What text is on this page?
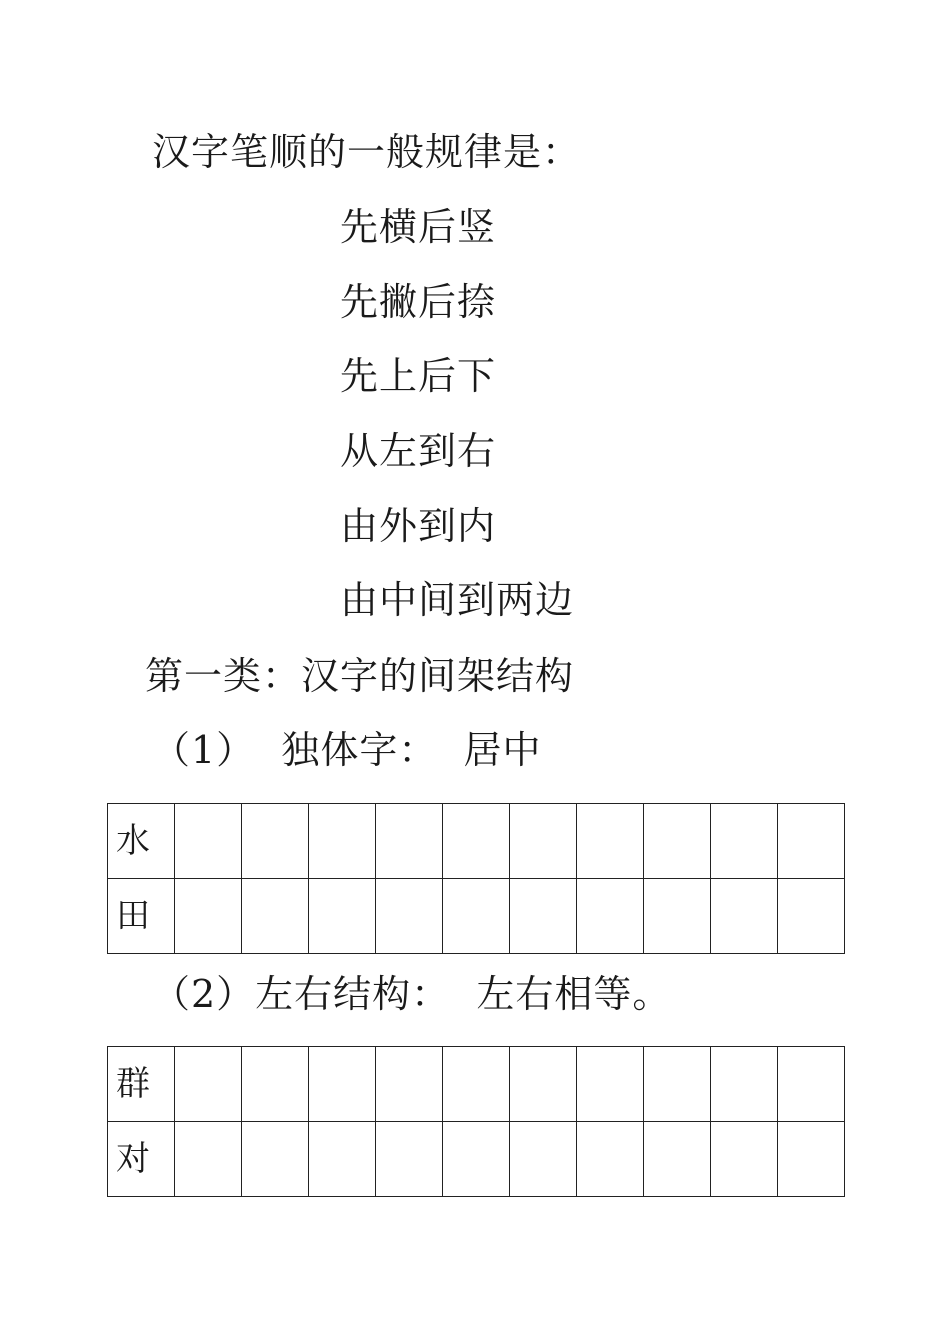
汉字笔顺的一般规律是：
先横后竖
先撇后捺
先上后下
从左到右
由外到内
由中间到两边
第一类：汉字的间架结构
（1）  独体字：  居中
水										
田										
（2）左右结构：  左右相等。
群										
对										
